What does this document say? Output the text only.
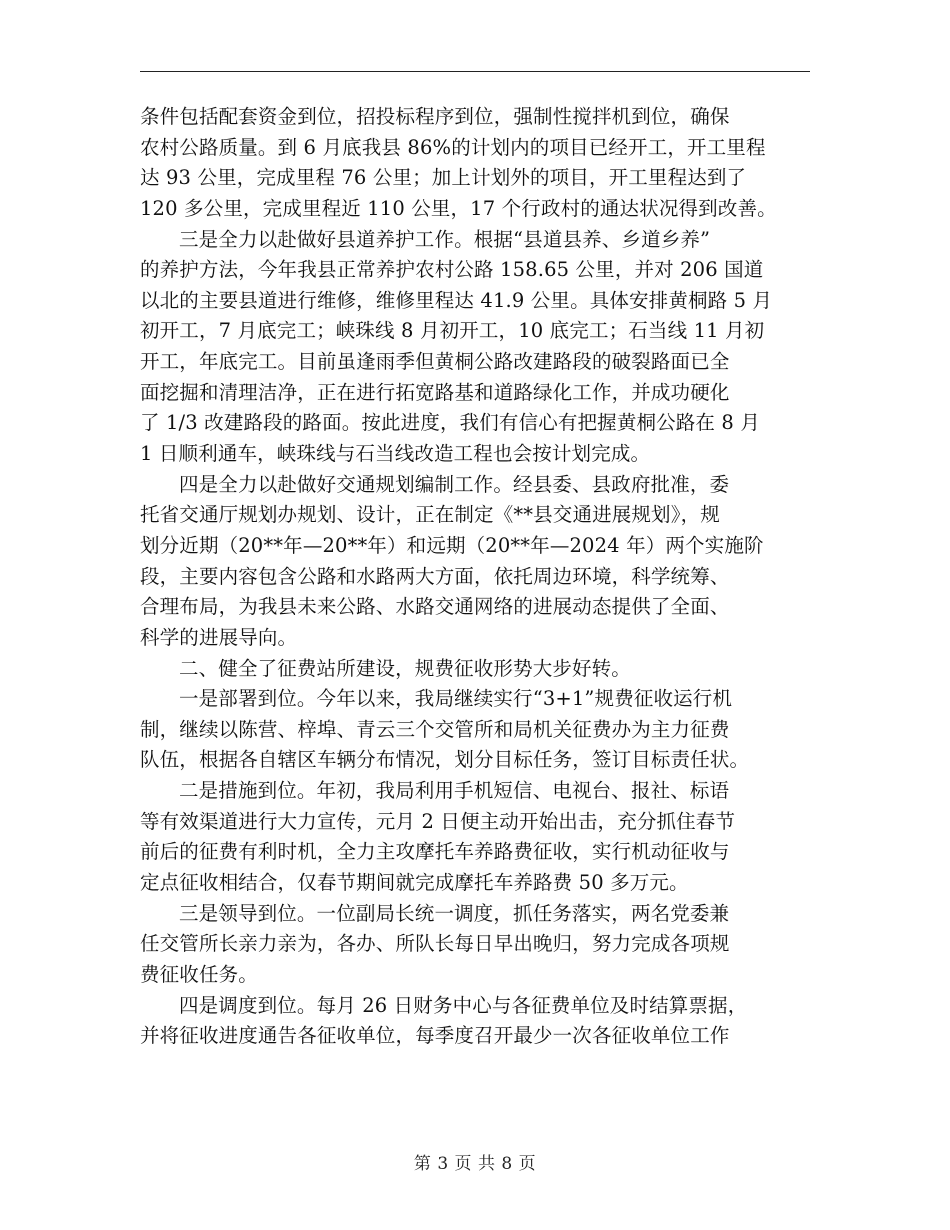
条件包括配套资金到位，招投标程序到位，强制性搅拌机到位，确保
农村公路质量。到 6 月底我县 86%的计划内的项目已经开工，开工里程
达 93 公里，完成里程 76 公里；加上计划外的项目，开工里程达到了
120 多公里，完成里程近 110 公里，17 个行政村的通达状况得到改善。
三是全力以赴做好县道养护工作。根据“县道县养、乡道乡养”
的养护方法，今年我县正常养护农村公路 158.65 公里，并对 206 国道
以北的主要县道进行维修，维修里程达 41.9 公里。具体安排黄桐路 5 月
初开工，7 月底完工；峡珠线 8 月初开工，10 底完工；石当线 11 月初
开工，年底完工。目前虽逢雨季但黄桐公路改建路段的破裂路面已全
面挖掘和清理洁净，正在进行拓宽路基和道路绿化工作，并成功硬化
了 1/3 改建路段的路面。按此进度，我们有信心有把握黄桐公路在 8 月
1 日顺利通车，峡珠线与石当线改造工程也会按计划完成。
四是全力以赴做好交通规划编制工作。经县委、县政府批准，委
托省交通厅规划办规划、设计，正在制定《**县交通进展规划》，规
划分近期（20**年—20**年）和远期（20**年—2024 年）两个实施阶
段，主要内容包含公路和水路两大方面，依托周边环境，科学统筹、
合理布局，为我县未来公路、水路交通网络的进展动态提供了全面、
科学的进展导向。
二、健全了征费站所建设，规费征收形势大步好转。
一是部署到位。今年以来，我局继续实行“3+1”规费征收运行机
制，继续以陈营、梓埠、青云三个交管所和局机关征费办为主力征费
队伍，根据各自辖区车辆分布情况，划分目标任务，签订目标责任状。
二是措施到位。年初，我局利用手机短信、电视台、报社、标语
等有效渠道进行大力宣传，元月 2 日便主动开始出击，充分抓住春节
前后的征费有利时机，全力主攻摩托车养路费征收，实行机动征收与
定点征收相结合，仅春节期间就完成摩托车养路费 50 多万元。
三是领导到位。一位副局长统一调度，抓任务落实，两名党委兼
任交管所长亲力亲为，各办、所队长每日早出晚归，努力完成各项规
费征收任务。
四是调度到位。每月 26 日财务中心与各征费单位及时结算票据，
并将征收进度通告各征收单位，每季度召开最少一次各征收单位工作
第 3 页 共 8 页
